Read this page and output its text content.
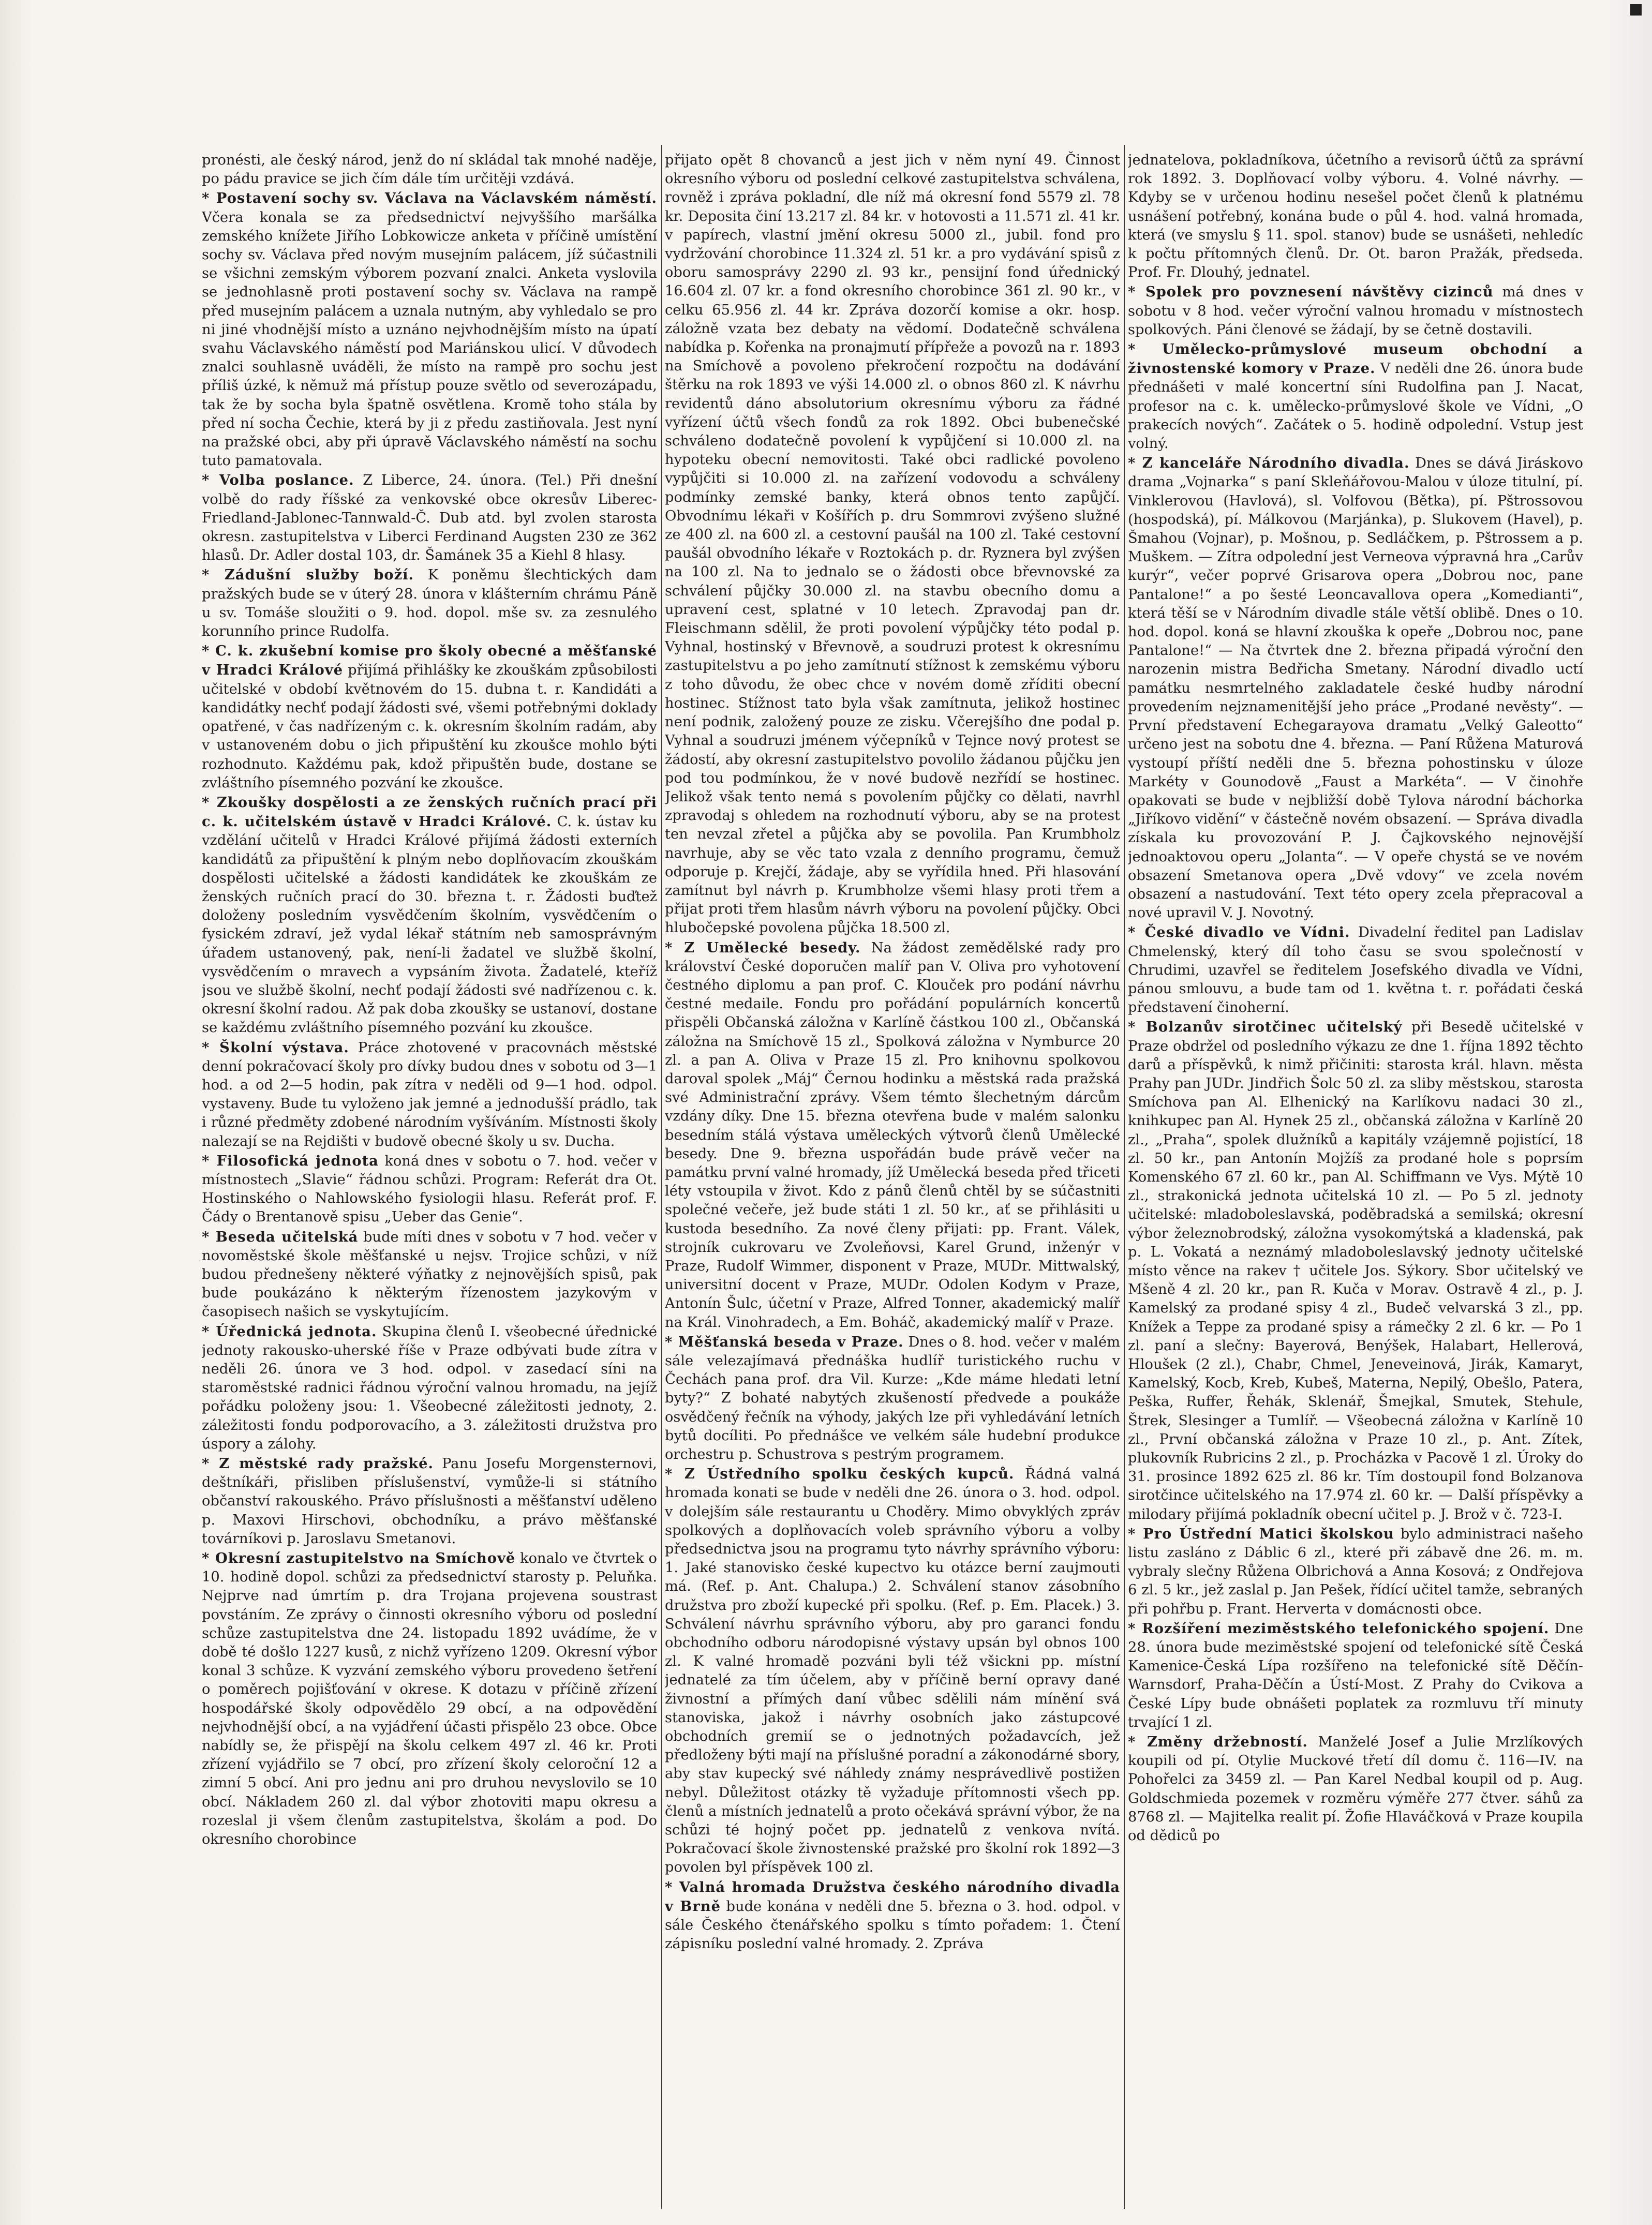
pronésti, ale český národ, jenž do ní skládal tak mnohé naděje, po pádu pravice se jich čím dále tím určitěji vzdává.

* Postavení sochy sv. Václava na Václavském náměstí. Včera konala se za předsednictví nejvyššího maršálka zemského knížete Jiřího Lobkowicze anketa v příčině umístění sochy sv. Václava před novým musejním palácem, jíž súčastnili se všichni zemským výborem pozvaní znalci. Anketa vyslovila se jednohlasně proti postavení sochy sv. Václava na rampě před musejním palácem a uznala nutným, aby vyhledalo se pro ni jiné vhodnější místo a uznáno nejvhodnějším místo na úpatí svahu Václavského náměstí pod Mariánskou ulicí. V důvodech znalci souhlasně uváděli, že místo na rampě pro sochu jest příliš úzké, k němuž má přístup pouze světlo od severozápadu, tak že by socha byla špatně osvětlena. Kromě toho stála by před ní socha Čechie, která by ji z předu zastiňovala. Jest nyní na pražské obci, aby při úpravě Václavského náměstí na sochu tuto pamatovala.

* Volba poslance. Z Liberce, 24. února. (Tel.) Při dnešní volbě do rady říšské za venkovské obce okresův Liberec-Friedland-Jablonec-Tannwald-Č. Dub atd. byl zvolen starosta okresn. zastupitelstva v Liberci Ferdinand Augsten 230 ze 362 hlasů. Dr. Adler dostal 103, dr. Šamánek 35 a Kiehl 8 hlasy.

* Zádušní služby boží. K poněmu šlechtických dam pražských bude se v úterý 28. února v klášterním chrámu Páně u sv. Tomáše sloužiti o 9. hod. dopol. mše sv. za zesnulého korunního prince Rudolfa.

* C. k. zkušební komise pro školy obecné a měšťanské v Hradci Králové přijímá přihlášky ke zkouškám způsobilosti učitelské v období květnovém do 15. dubna t. r. Kandidáti a kandidátky nechť podají žádosti své, všemi potřebnými doklady opatřené, v čas nadřízeným c. k. okresním školním radám, aby v ustanoveném dobu o jich připuštění ku zkoušce mohlo býti rozhodnuto. Každému pak, kdož připuštěn bude, dostane se zvláštního písemného pozvání ke zkoušce.

* Zkoušky dospělosti a ze ženských ručních prací při c. k. učitelském ústavě v Hradci Králové. C. k. ústav ku vzdělání učitelů v Hradci Králové přijímá žádosti externích kandidátů za připuštění k plným nebo doplňovacím zkouškám dospělosti učitelské a žádosti kandidátek ke zkouškám ze ženských ručních prací do 30. března t. r. Žádosti buďtež doloženy posledním vysvědčením školním, vysvědčením o fysickém zdraví, jež vydal lékař státním neb samosprávným úřadem ustanovený, pak, není-li žadatel ve službě školní, vysvědčením o mravech a vypsáním života. Žadatelé, kteříž jsou ve službě školní, nechť podají žádosti své nadřízenou c. k. okresní školní radou. Až pak doba zkoušky se ustanoví, dostane se každému zvláštního písemného pozvání ku zkoušce.

* Školní výstava. Práce zhotovené v pracovnách městské denní pokračovací školy pro dívky budou dnes v sobotu od 3—1 hod. a od 2—5 hodin, pak zítra v neděli od 9—1 hod. odpol. vystaveny. Bude tu vyloženo jak jemné a jednodušší prádlo, tak i různé předměty zdobené národním vyšíváním. Místnosti školy nalezají se na Rejdišti v budově obecné školy u sv. Ducha.

* Filosofická jednota koná dnes v sobotu o 7. hod. večer v místnostech „Slavie“ řádnou schůzi. Program: Referát dra Ot. Hostinského o Nahlowského fysiologii hlasu. Referát prof. F. Čády o Brentanově spisu „Ueber das Genie“.

* Beseda učitelská bude míti dnes v sobotu v 7 hod. večer v novoměstské škole měšťanské u nejsv. Trojice schůzi, v níž budou přednešeny některé výňatky z nejnovějších spisů, pak bude poukázáno k některým řízenostem jazykovým v časopisech našich se vyskytujícím.

* Úřednická jednota. Skupina členů I. všeobecné úřednické jednoty rakousko-uherské říše v Praze odbývati bude zítra v neděli 26. února ve 3 hod. odpol. v zasedací síni na staroměstské radnici řádnou výroční valnou hromadu, na jejíž pořádku položeny jsou: 1. Všeobecné záležitosti jednoty, 2. záležitosti fondu podporovacího, a 3. záležitosti družstva pro úspory a zálohy.

* Z městské rady pražské. Panu Josefu Morgensternovi, deštníkáři, přisliben příslušenství, vymůže-li si státního občanství rakouského. Právo příslušnosti a měšťanství uděleno p. Maxovi Hirschovi, obchodníku, a právo měšťanské továrníkovi p. Jaroslavu Smetanovi.

* Okresní zastupitelstvo na Smíchově konalo ve čtvrtek o 10. hodině dopol. schůzi za předsednictví starosty p. Peluňka. Nejprve nad úmrtím p. dra Trojana projevena soustrast povstáním. Ze zprávy o činnosti okresního výboru od poslední schůze zastupitelstva dne 24. listopadu 1892 uvádíme, že v době té došlo 1227 kusů, z nichž vyřízeno 1209. Okresní výbor konal 3 schůze. K vyzvání zemského výboru provedeno šetření o poměrech pojišťování v okrese. K dotazu v příčině zřízení hospodářské školy odpovědělo 29 obcí, a na odpovědění nejvhodnější obcí, a na vyjádření účasti přispělo 23 obce. Obce nabídly se, že přispějí na školu celkem 497 zl. 46 kr. Proti zřízení vyjádřilo se 7 obcí, pro zřízení školy celoroční 12 a zimní 5 obcí. Ani pro jednu ani pro druhou nevyslovilo se 10 obcí. Nákladem 260 zl. dal výbor zhotoviti mapu okresu a rozeslal ji všem členům zastupitelstva, školám a pod. Do okresního chorobince

přijato opět 8 chovanců a jest jich v něm nyní 49. Činnost okresního výboru od poslední celkové zastupitelstva schválena, rovněž i zpráva pokladní, dle níž má okresní fond 5579 zl. 78 kr. Deposita činí 13.217 zl. 84 kr. v hotovosti a 11.571 zl. 41 kr. v papírech, vlastní jmění okresu 5000 zl., jubil. fond pro vydržování chorobince 11.324 zl. 51 kr. a pro vydávání spisů z oboru samosprávy 2290 zl. 93 kr., pensijní fond úřednický 16.604 zl. 07 kr. a fond okresního chorobince 361 zl. 90 kr., v celku 65.956 zl. 44 kr. Zpráva dozorčí komise a okr. hosp. záložně vzata bez debaty na vědomí. Dodatečně schválena nabídka p. Kořenka na pronajmutí přípřeže a povozů na r. 1893 na Smíchově a povoleno překročení rozpočtu na dodávání štěrku na rok 1893 ve výši 14.000 zl. o obnos 860 zl. K návrhu revidentů dáno absolutorium okresnímu výboru za řádné vyřízení účtů všech fondů za rok 1892. Obci bubenečské schváleno dodatečně povolení k vypůjčení si 10.000 zl. na hypoteku obecní nemovitosti. Také obci radlické povoleno vypůjčiti si 10.000 zl. na zařízení vodovodu a schváleny podmínky zemské banky, která obnos tento zapůjčí. Obvodnímu lékaři v Košířích p. dru Sommrovi zvýšeno služné ze 400 zl. na 600 zl. a cestovní paušál na 100 zl. Také cestovní paušál obvodního lékaře v Roztokách p. dr. Ryznera byl zvýšen na 100 zl. Na to jednalo se o žádosti obce břevnovské za schválení půjčky 30.000 zl. na stavbu obecního domu a upravení cest, splatné v 10 letech. Zpravodaj pan dr. Fleischmann sdělil, že proti povolení výpůjčky této podal p. Vyhnal, hostinský v Břevnově, a soudruzi protest k okresnímu zastupitelstvu a po jeho zamítnutí stížnost k zemskému výboru z toho důvodu, že obec chce v novém domě zříditi obecní hostinec. Stížnost tato byla však zamítnuta, jelikož hostinec není podnik, založený pouze ze zisku. Včerejšího dne podal p. Vyhnal a soudruzi jménem výčepníků v Tejnce nový protest se žádostí, aby okresní zastupitelstvo povolilo žádanou půjčku jen pod tou podmínkou, že v nové budově nezřídí se hostinec. Jelikož však tento nemá s povolením půjčky co dělati, navrhl zpravodaj s ohledem na rozhodnutí výboru, aby se na protest ten nevzal zřetel a půjčka aby se povolila. Pan Krumbholz navrhuje, aby se věc tato vzala z denního programu, čemuž odporuje p. Krejčí, žádaje, aby se vyřídila hned. Při hlasování zamítnut byl návrh p. Krumbholze všemi hlasy proti třem a přijat proti třem hlasům návrh výboru na povolení půjčky. Obci hlubočepské povolena půjčka 18.500 zl.

* Z Umělecké besedy. Na žádost zemědělské rady pro království České doporučen malíř pan V. Oliva pro vyhotovení čestného diplomu a pan prof. C. Klouček pro podání návrhu čestné medaile. Fondu pro pořádání populárních koncertů přispěli Občanská záložna v Karlíně částkou 100 zl., Občanská záložna na Smíchově 15 zl., Spolková záložna v Nymburce 20 zl. a pan A. Oliva v Praze 15 zl. Pro knihovnu spolkovou daroval spolek „Máj“ Černou hodinku a městská rada pražská své Administrační zprávy. Všem témto šlechetným dárcům vzdány díky. Dne 15. března otevřena bude v malém salonku besedním stálá výstava uměleckých výtvorů členů Umělecké besedy. Dne 9. března uspořádán bude právě večer na památku první valné hromady, jíž Umělecká beseda před třiceti léty vstoupila v život. Kdo z pánů členů chtěl by se súčastniti společné večeře, jež bude státi 1 zl. 50 kr., ať se přihlásiti u kustoda besedního. Za nové členy přijati: pp. Frant. Válek, strojník cukrovaru ve Zvoleňovsi, Karel Grund, inženýr v Praze, Rudolf Wimmer, disponent v Praze, MUDr. Mittwalský, universitní docent v Praze, MUDr. Odolen Kodym v Praze, Antonín Šulc, účetní v Praze, Alfred Tonner, akademický malíř na Král. Vinohradech, a Em. Boháč, akademický malíř v Praze.

* Měšťanská beseda v Praze. Dnes o 8. hod. večer v malém sále velezajímavá přednáška hudlíř turistického ruchu v Čechách pana prof. dra Vil. Kurze: „Kde máme hledati letní byty?“ Z bohaté nabytých zkušeností předvede a poukáže osvědčený řečník na výhody, jakých lze při vyhledávání letních bytů docíliti. Po přednášce ve velkém sále hudební produkce orchestru p. Schustrova s pestrým programem.

* Z Ústředního spolku českých kupců. Řádná valná hromada konati se bude v neděli dne 26. února o 3. hod. odpol. v dolejším sále restaurantu u Choděry. Mimo obvyklých zpráv spolkových a doplňovacích voleb správního výboru a volby předsednictva jsou na programu tyto návrhy správního výboru: 1. Jaké stanovisko české kupectvo ku otázce berní zaujmouti má. (Ref. p. Ant. Chalupa.) 2. Schválení stanov zásobního družstva pro zboží kupecké při spolku. (Ref. p. Em. Placek.) 3. Schválení návrhu správního výboru, aby pro garanci fondu obchodního odboru národopisné výstavy upsán byl obnos 100 zl. K valné hromadě pozváni byli též všickni pp. místní jednatelé za tím účelem, aby v příčině berní opravy dané živnostní a přímých daní vůbec sdělili nám mínění svá stanoviska, jakož i návrhy osobních jako zástupcové obchodních gremií se o jednotných požadavcích, jež předloženy býti mají na příslušné poradní a zákonodárné sbory, aby stav kupecký své náhledy známy nesprávedlivě postižen nebyl. Důležitost otázky tě vyžaduje přítomnosti všech pp. členů a místních jednatelů a proto očekává správní výbor, že na schůzi té hojný počet pp. jednatelů z venkova nvítá. Pokračovací škole živnostenské pražské pro školní rok 1892—3 povolen byl příspěvek 100 zl.

* Valná hromada Družstva českého národního divadla v Brně bude konána v neděli dne 5. března o 3. hod. odpol. v sále Českého čtenářského spolku s tímto pořadem: 1. Čtení zápisníku poslední valné hromady. 2. Zpráva

jednatelova, pokladníkova, účetního a revisorů účtů za správní rok 1892. 3. Doplňovací volby výboru. 4. Volné návrhy. — Kdyby se v určenou hodinu nesešel počet členů k platnému usnášení potřebný, konána bude o půl 4. hod. valná hromada, která (ve smyslu § 11. spol. stanov) bude se usnášeti, nehledíc k počtu přítomných členů. Dr. Ot. baron Pražák, předseda. Prof. Fr. Dlouhý, jednatel.

* Spolek pro povznesení návštěvy cizinců má dnes v sobotu v 8 hod. večer výroční valnou hromadu v místnostech spolkových. Páni členové se žádají, by se četně dostavili.

* Umělecko-průmyslové museum obchodní a živnostenské komory v Praze. V neděli dne 26. února bude přednášeti v malé koncertní síni Rudolfina pan J. Nacat, profesor na c. k. umělecko-průmyslové škole ve Vídni, „O prakecích nových“. Začátek o 5. hodině odpolední. Vstup jest volný.

* Z kanceláře Národního divadla. Dnes se dává Jiráskovo drama „Vojnarka“ s paní Skleňářovou-Malou v úloze titulní, pí. Vinklerovou (Havlová), sl. Volfovou (Bětka), pí. Pštrossovou (hospodská), pí. Málkovou (Marjánka), p. Slukovem (Havel), p. Šmahou (Vojnar), p. Mošnou, p. Sedláčkem, p. Pštrossem a p. Muškem. — Zítra odpolední jest Verneova výpravná hra „Carův kurýr“, večer poprvé Grisarova opera „Dobrou noc, pane Pantalone!“ a po šesté Leoncavallova opera „Komedianti“, která těší se v Národním divadle stále větší oblibě. Dnes o 10. hod. dopol. koná se hlavní zkouška k opeře „Dobrou noc, pane Pantalone!“ — Na čtvrtek dne 2. března připadá výroční den narozenin mistra Bedřicha Smetany. Národní divadlo uctí památku nesmrtelného zakladatele české hudby národní provedením nejznamenitější jeho práce „Prodané nevěsty“. — První představení Echegarayova dramatu „Velký Galeotto“ určeno jest na sobotu dne 4. března. — Paní Růžena Maturová vystoupí příští neděli dne 5. března pohostinsku v úloze Markéty v Gounodově „Faust a Markéta“. — V činohře opakovati se bude v nejbližší době Tylova národní báchorka „Jiříkovo vidění“ v částečně novém obsazení. — Správa divadla získala ku provozování P. J. Čajkovského nejnovější jednoaktovou operu „Jolanta“. — V opeře chystá se ve novém obsazení Smetanova opera „Dvě vdovy“ ve zcela novém obsazení a nastudování. Text této opery zcela přepracoval a nové upravil V. J. Novotný.

* České divadlo ve Vídni. Divadelní ředitel pan Ladislav Chmelenský, který díl toho času se svou společností v Chrudimi, uzavřel se ředitelem Josefského divadla ve Vídni, pánou smlouvu, a bude tam od 1. května t. r. pořádati česká představení činoherní.

* Bolzanův sirotčinec učitelský při Besedě učitelské v Praze obdržel od posledního výkazu ze dne 1. října 1892 těchto darů a příspěvků, k nimž přičiniti: starosta král. hlavn. města Prahy pan JUDr. Jindřich Šolc 50 zl. za sliby městskou, starosta Smíchova pan Al. Elhenický na Karlíkovu nadaci 30 zl., knihkupec pan Al. Hynek 25 zl., občanská záložna v Karlíně 20 zl., „Praha“, spolek dlužníků a kapitály vzájemně pojistící, 18 zl. 50 kr., pan Antonín Mojžíš za prodané hole s poprsím Komenského 67 zl. 60 kr., pan Al. Schiffmann ve Vys. Mýtě 10 zl., strakonická jednota učitelská 10 zl. — Po 5 zl. jednoty učitelské: mladoboleslavská, poděbradská a semilská; okresní výbor železnobrodský, záložna vysokomýtská a kladenská, pak p. L. Vokatá a neznámý mladoboleslavský jednoty učitelské místo věnce na rakev † učitele Jos. Sýkory. Sbor učitelský ve Mšeně 4 zl. 20 kr., pan R. Kuča v Morav. Ostravě 4 zl., p. J. Kamelský za prodané spisy 4 zl., Budeč velvarská 3 zl., pp. Knížek a Teppe za prodané spisy a rámečky 2 zl. 6 kr. — Po 1 zl. paní a slečny: Bayerová, Benýšek, Halabart, Hellerová, Hloušek (2 zl.), Chabr, Chmel, Jeneveinová, Jirák, Kamaryt, Kamelský, Kocb, Kreb, Kubeš, Materna, Nepilý, Obešlo, Patera, Peška, Ruffer, Řehák, Sklenář, Šmejkal, Smutek, Stehule, Štrek, Slesinger a Tumlíř. — Všeobecná záložna v Karlíně 10 zl., První občanská záložna v Praze 10 zl., p. Ant. Zítek, plukovník Rubricins 2 zl., p. Procházka v Pacově 1 zl. Úroky do 31. prosince 1892 625 zl. 86 kr. Tím dostoupil fond Bolzanova sirotčince učitelského na 17.974 zl. 60 kr. — Další příspěvky a milodary přijímá pokladník obecní učitel p. J. Brož v č. 723-I.

* Pro Ústřední Matici školskou bylo administraci našeho listu zasláno z Dáblic 6 zl., které při zábavě dne 26. m. m. vybraly slečny Růžena Olbrichová a Anna Kosová; z Ondřejova 6 zl. 5 kr., jež zaslal p. Jan Pešek, řídící učitel tamže, sebraných při pohřbu p. Frant. Herverta v domácnosti obce.

* Rozšíření meziměstského telefonického spojení. Dne 28. února bude meziměstské spojení od telefonické sítě Česká Kamenice-Česká Lípa rozšířeno na telefonické sítě Děčín-Warnsdorf, Praha-Děčín a Ústí-Most. Z Prahy do Cvikova a České Lípy bude obnášeti poplatek za rozmluvu tří minuty trvající 1 zl.

* Změny držebností. Manželé Josef a Julie Mrzlíkových koupili od pí. Otylie Muckové třetí díl domu č. 116—IV. na Pohořelci za 3459 zl. — Pan Karel Nedbal koupil od p. Aug. Goldschmieda pozemek v rozměru výměře 277 čtver. sáhů za 8768 zl. — Majitelka realit pí. Žofie Hlaváčková v Praze koupila od dědiců po
